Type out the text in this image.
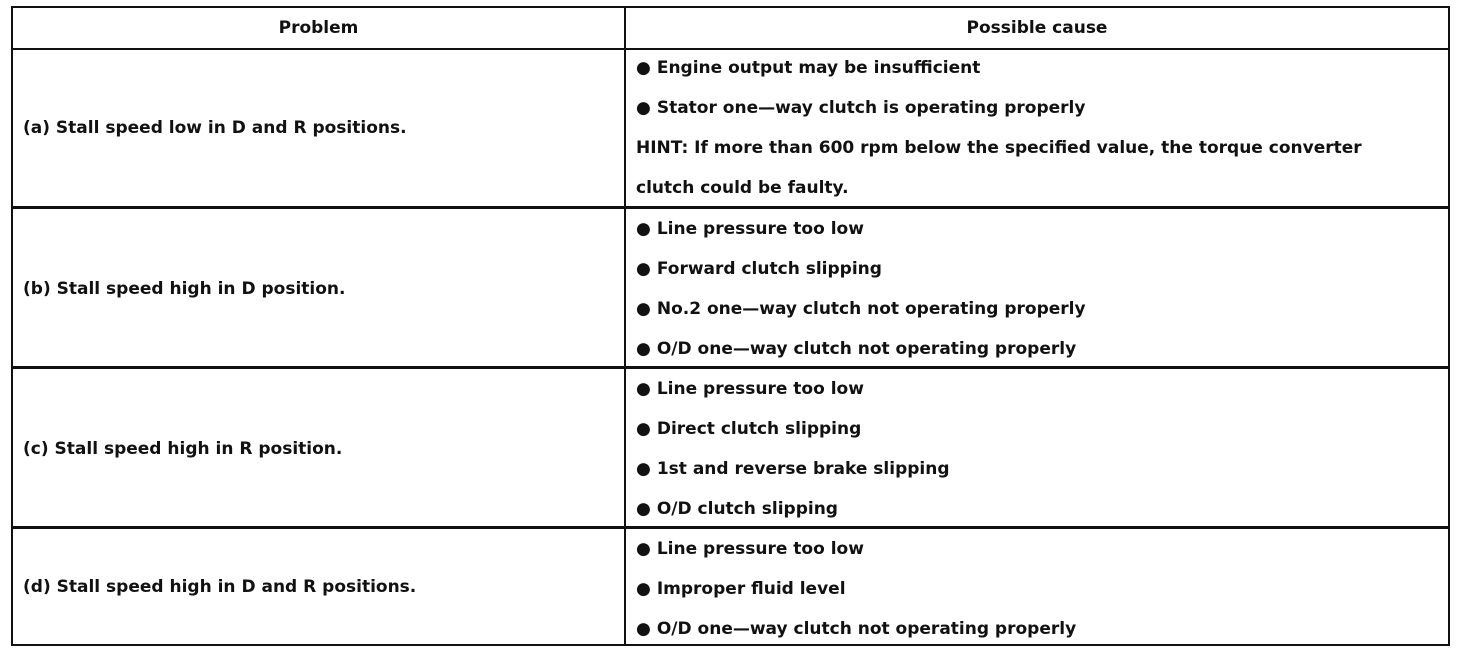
Problem	Possible cause
(a) Stall speed low in D and R positions.
● Engine output may be insufficient
● Stator one—way clutch is operating properly
HINT: If more than 600 rpm below the specified value, the torque converter
clutch could be faulty.
(b) Stall speed high in D position.
● Line pressure too low
● Forward clutch slipping
● No.2 one—way clutch not operating properly
● O/D one—way clutch not operating properly
(c) Stall speed high in R position.
● Line pressure too low
● Direct clutch slipping
● 1st and reverse brake slipping
● O/D clutch slipping
(d) Stall speed high in D and R positions.
● Line pressure too low
● Improper fluid level
● O/D one—way clutch not operating properly
